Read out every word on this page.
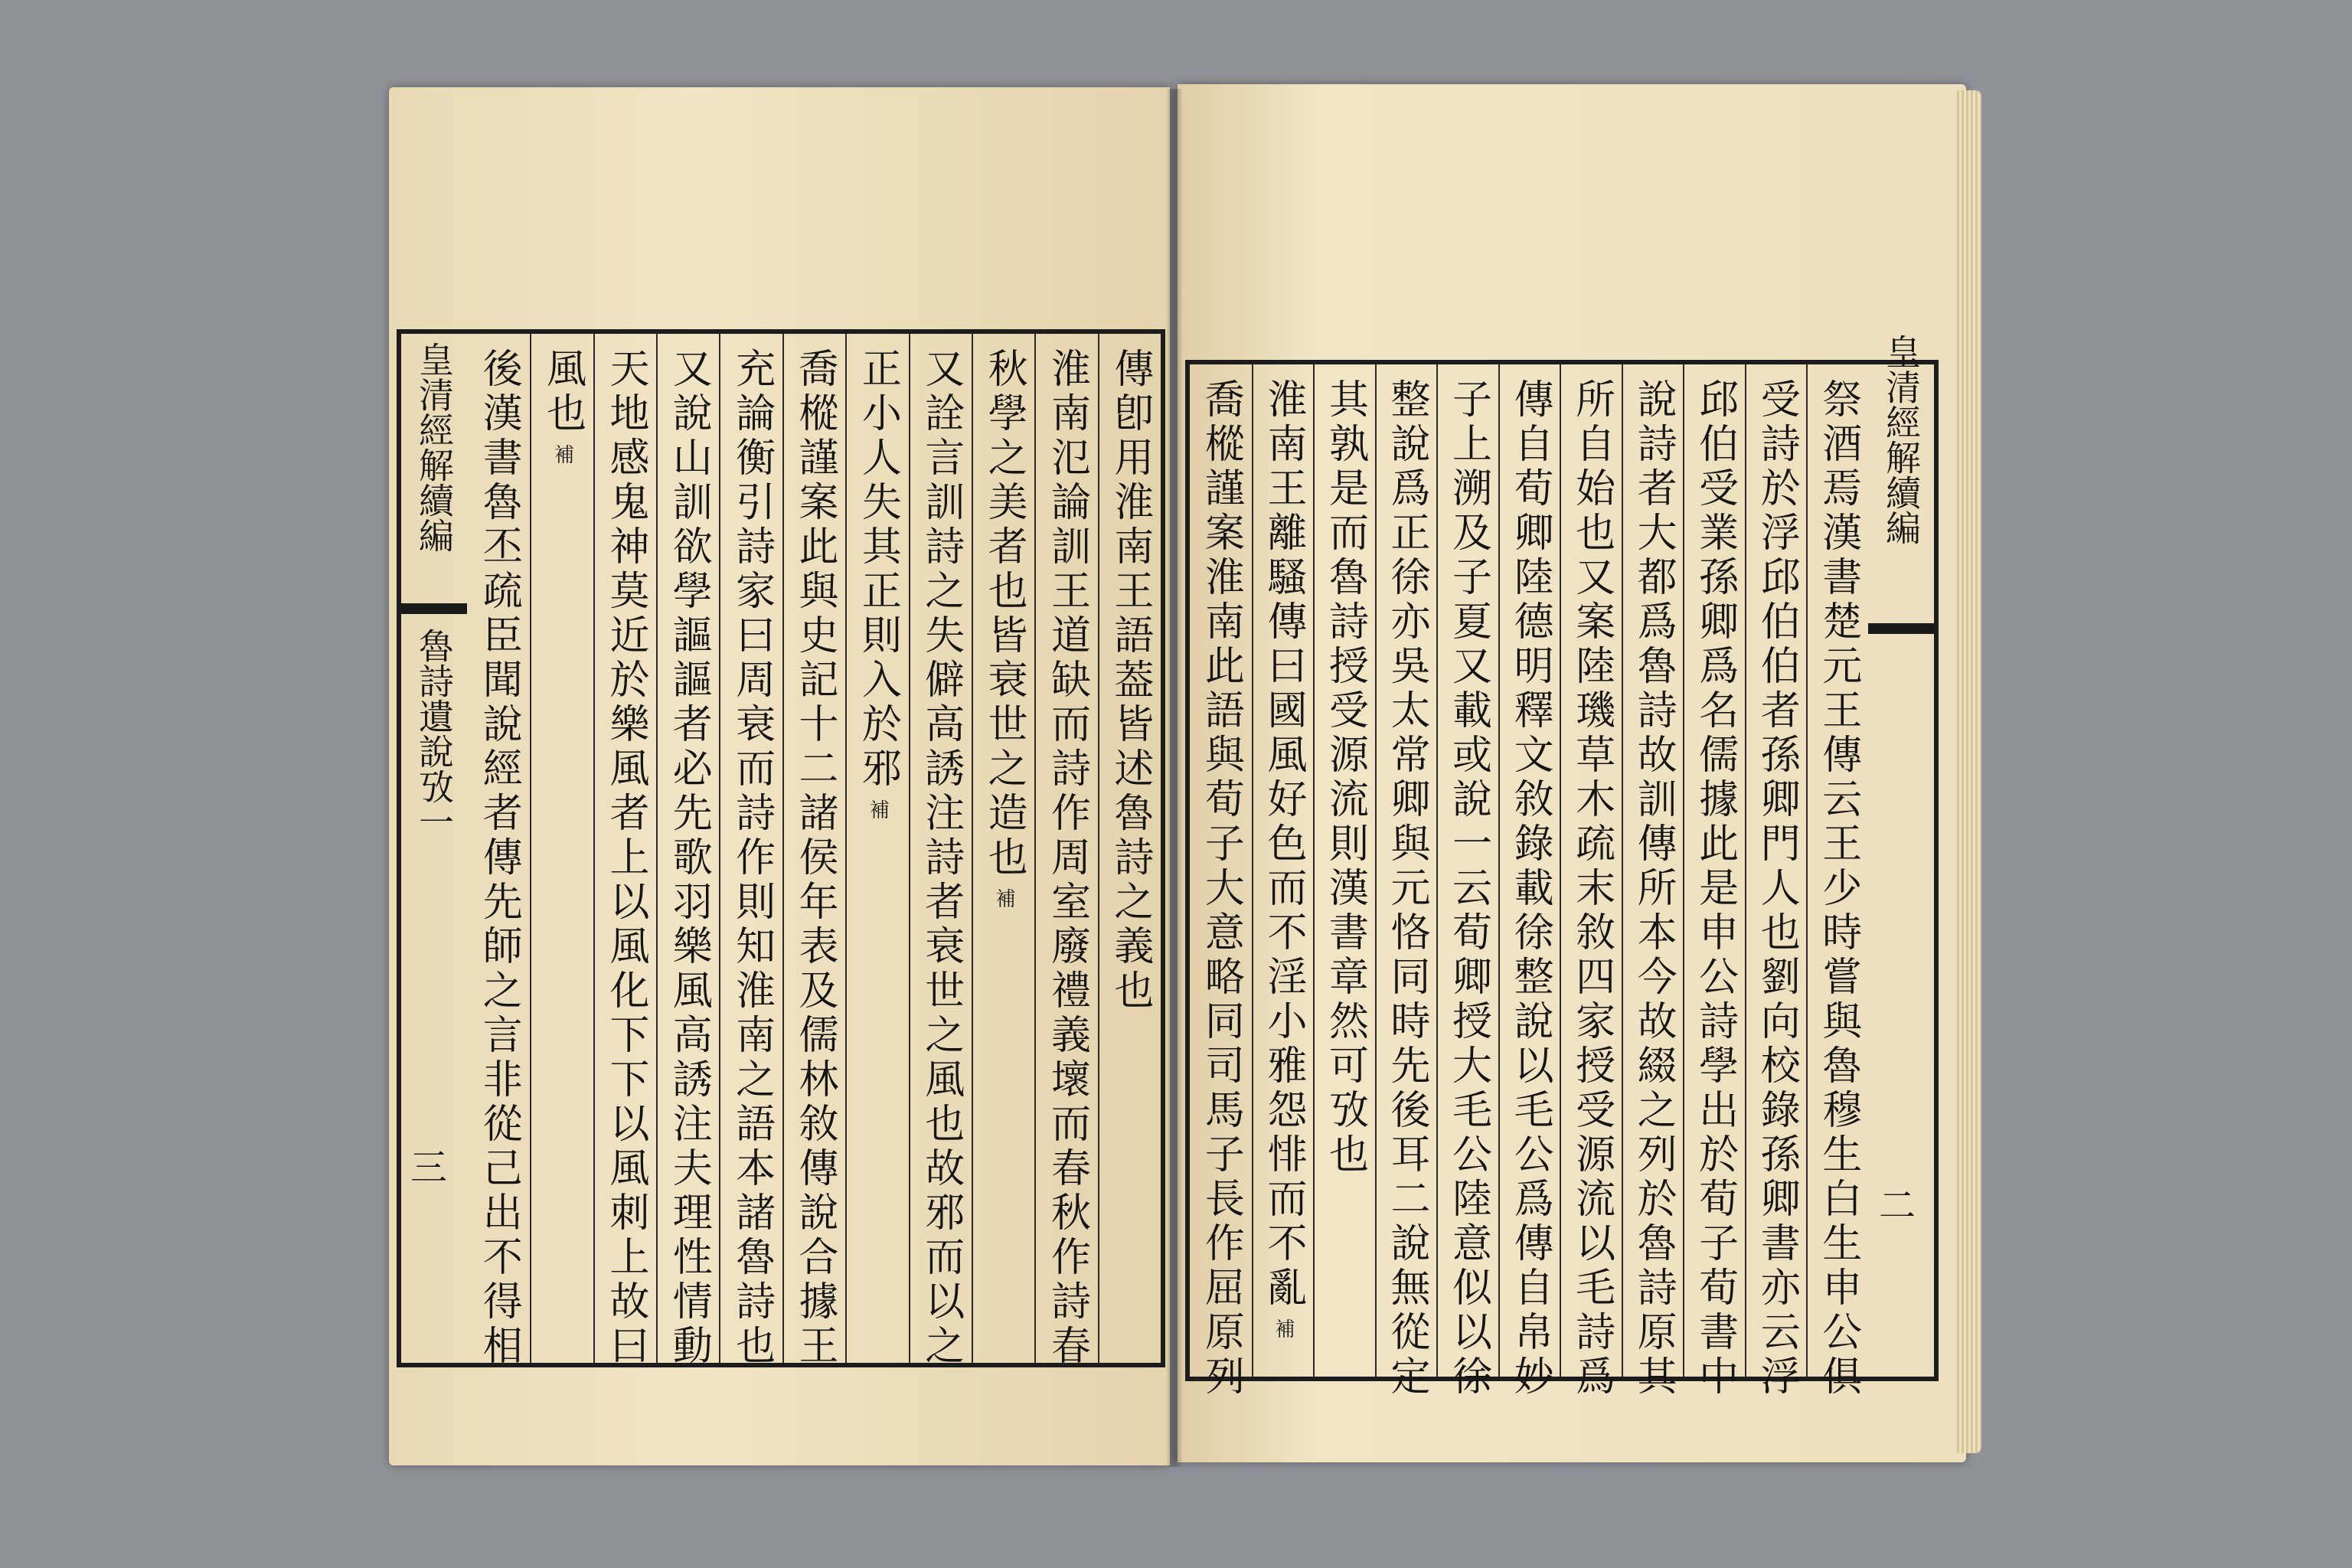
傳卽用淮南王語葢皆述魯詩之義也
淮南氾論訓王道缺而詩作周室廢禮義壞而春秋作詩春
秋學之美者也皆衰世之造也
補
又詮言訓詩之失僻高誘注詩者衰世之風也故邪而以之
正小人失其正則入於邪
補
喬樅謹案此與史記十二諸侯年表及儒林敘傳說合據王
充論衡引詩家曰周衰而詩作則知淮南之語本諸魯詩也
又說山訓欲學謳謳者必先歌羽樂風高誘注夫理性情動
天地感鬼神莫近於樂風者上以風化下下以風刺上故曰
風也
補
後漢書魯丕疏臣聞說經者傳先師之言非從己出不得相
皇清經解續編
魯詩遺說攷一
三	祭酒焉漢書楚元王傳云王少時嘗與魯穆生白生申公俱
受詩於浮邱伯伯者孫卿門人也劉向校錄孫卿書亦云浮
邱伯受業孫卿爲名儒據此是申公詩學出於荀子荀書中
說詩者大都爲魯詩故訓傳所本今故綴之列於魯詩原其
所自始也又案陸璣草木疏末敘四家授受源流以毛詩爲
傳自荀卿陸德明釋文敘錄載徐整說以毛公爲傳自帛妙
子上溯及子夏又載或說一云荀卿授大毛公陸意似以徐
整說爲正徐亦吳太常卿與元恪同時先後耳二說無從定
其孰是而魯詩授受源流則漢書章然可攷也
淮南王離騷傳曰國風好色而不淫小雅怨悱而不亂
補
喬樅謹案淮南此語與荀子大意略同司馬子長作屈原列	皇清經解續編
二
